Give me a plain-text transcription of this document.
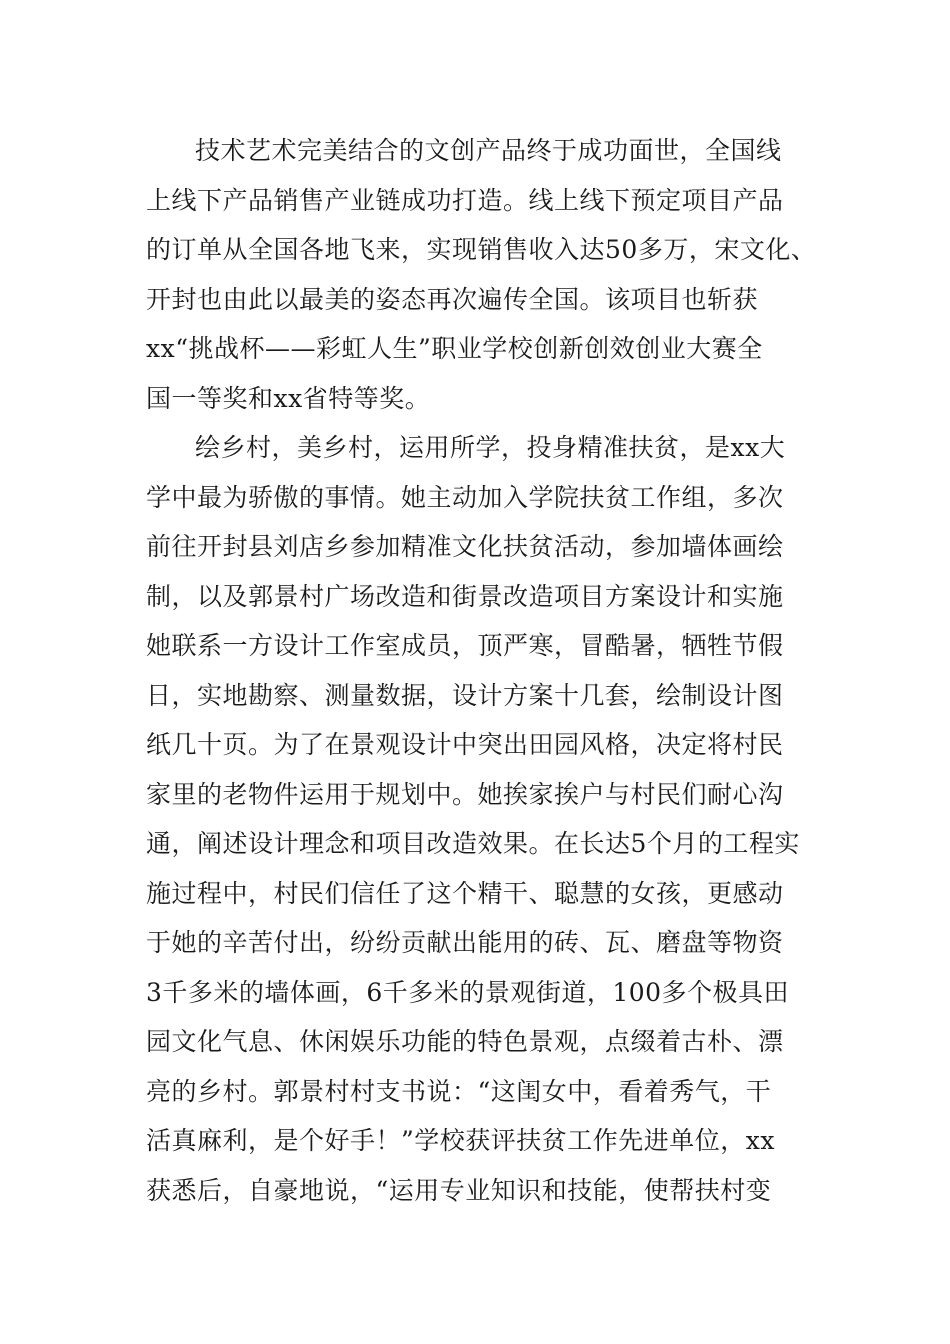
技术艺术完美结合的文创产品终于成功面世，全国线
上线下产品销售产业链成功打造。线上线下预定项目产品
的订单从全国各地飞来，实现销售收入达50多万，宋文化、
开封也由此以最美的姿态再次遍传全国。该项目也斩获
xx“挑战杯——彩虹人生”职业学校创新创效创业大赛全
国一等奖和xx省特等奖。
绘乡村，美乡村，运用所学，投身精准扶贫，是xx大
学中最为骄傲的事情。她主动加入学院扶贫工作组，多次
前往开封县刘店乡参加精准文化扶贫活动，参加墙体画绘
制，以及郭景村广场改造和街景改造项目方案设计和实施
她联系一方设计工作室成员，顶严寒，冒酷暑，牺牲节假
日，实地勘察、测量数据，设计方案十几套，绘制设计图
纸几十页。为了在景观设计中突出田园风格，决定将村民
家里的老物件运用于规划中。她挨家挨户与村民们耐心沟
通，阐述设计理念和项目改造效果。在长达5个月的工程实
施过程中，村民们信任了这个精干、聪慧的女孩，更感动
于她的辛苦付出，纷纷贡献出能用的砖、瓦、磨盘等物资
3千多米的墙体画，6千多米的景观街道，100多个极具田
园文化气息、休闲娱乐功能的特色景观，点缀着古朴、漂
亮的乡村。郭景村村支书说：“这闺女中，看着秀气，干
活真麻利，是个好手！”学校获评扶贫工作先进单位，xx
获悉后，自豪地说，“运用专业知识和技能，使帮扶村变
